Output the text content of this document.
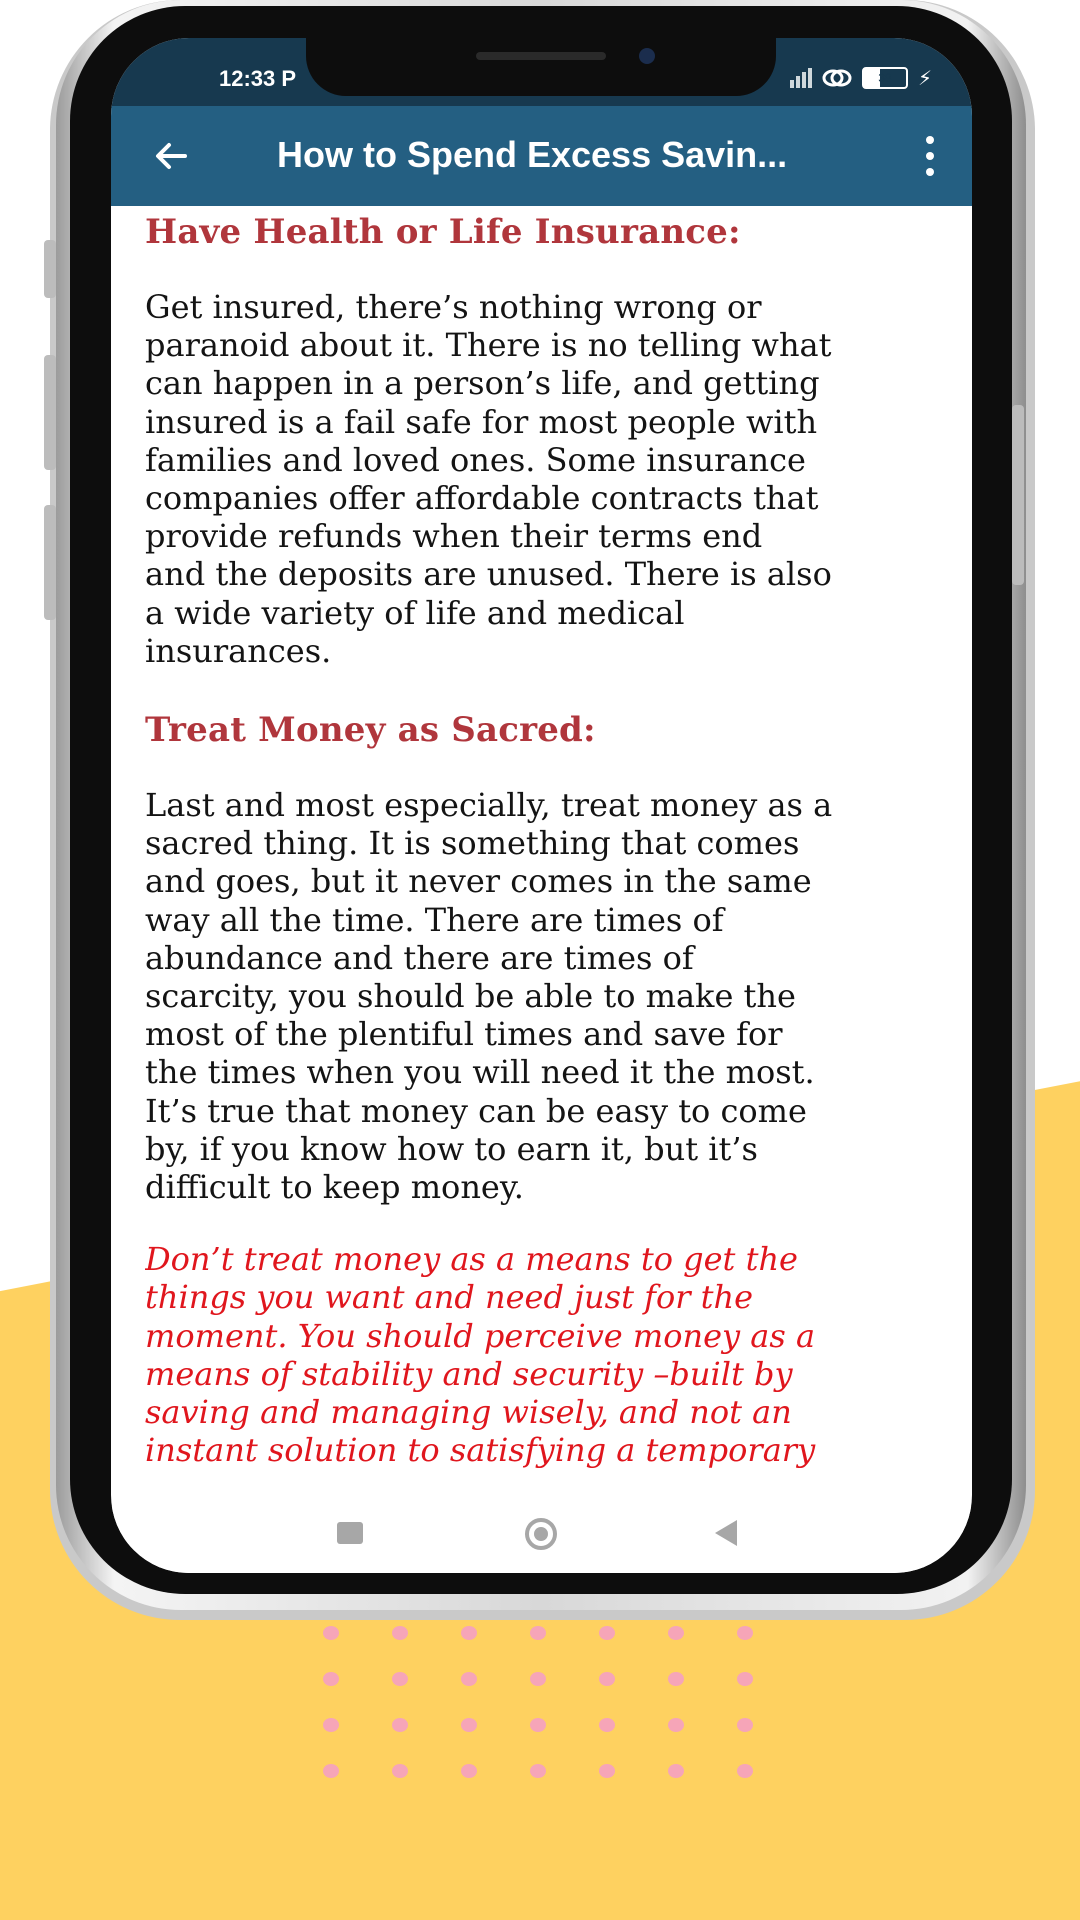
12:33 P	38	⚡
How to Spend Excess Savin...
Have Health or Life Insurance:

Get insured, there’s nothing wrong or
paranoid about it. There is no telling what
can happen in a person’s life, and getting
insured is a fail safe for most people with
families and loved ones. Some insurance
companies offer affordable contracts that
provide refunds when their terms end
and the deposits are unused. There is also
a wide variety of life and medical
insurances.

Treat Money as Sacred:

Last and most especially, treat money as a
sacred thing. It is something that comes
and goes, but it never comes in the same
way all the time. There are times of
abundance and there are times of
scarcity, you should be able to make the
most of the plentiful times and save for
the times when you will need it the most.
It’s true that money can be easy to come
by, if you know how to earn it, but it’s
difficult to keep money.

Don’t treat money as a means to get the
things you want and need just for the
moment. You should perceive money as a
means of stability and security –built by
saving and managing wisely, and not an
instant solution to satisfying a temporary
